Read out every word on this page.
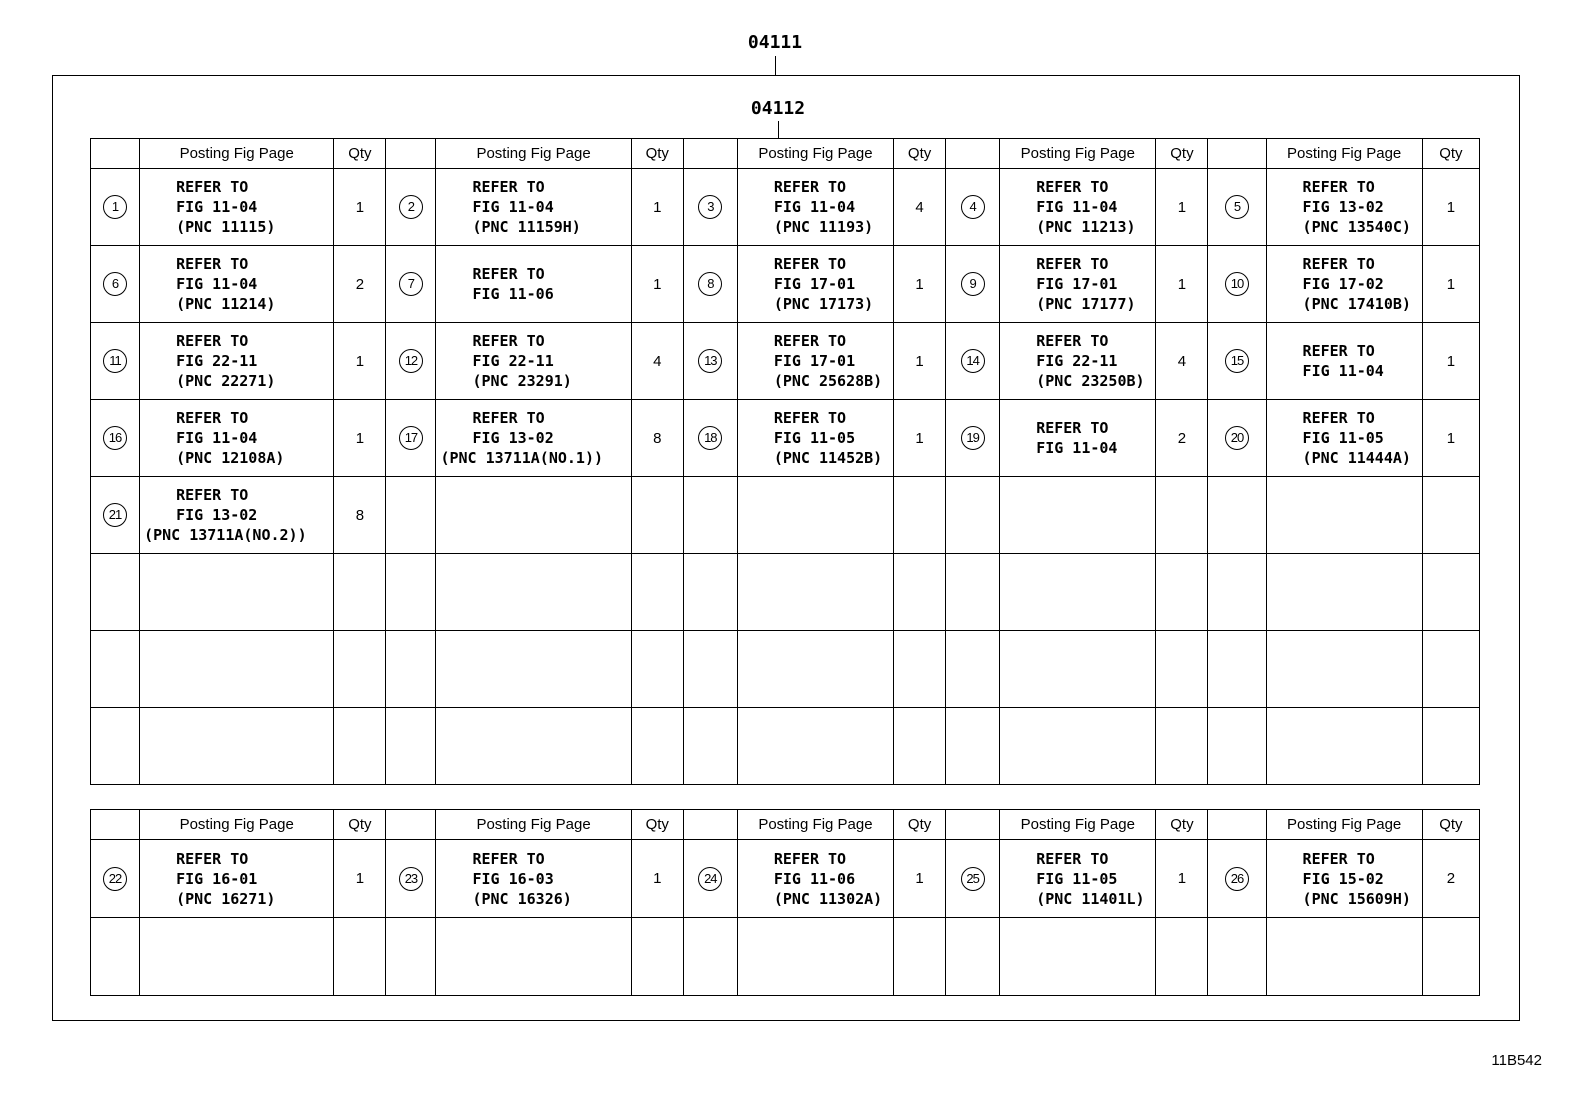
04111
04112
	Posting Fig Page	Qty		Posting Fig Page	Qty		Posting Fig Page	Qty		Posting Fig Page	Qty		Posting Fig Page	Qty
1	REFER TO
FIG 11-04
(PNC 11115)	1	2	REFER TO
FIG 11-04
(PNC 11159H)	1	3	REFER TO
FIG 11-04
(PNC 11193)	4	4	REFER TO
FIG 11-04
(PNC 11213)	1	5	REFER TO
FIG 13-02
(PNC 13540C)	1
6	REFER TO
FIG 11-04
(PNC 11214)	2	7	REFER TO
FIG 11-06	1	8	REFER TO
FIG 17-01
(PNC 17173)	1	9	REFER TO
FIG 17-01
(PNC 17177)	1	10	REFER TO
FIG 17-02
(PNC 17410B)	1
11	REFER TO
FIG 22-11
(PNC 22271)	1	12	REFER TO
FIG 22-11
(PNC 23291)	4	13	REFER TO
FIG 17-01
(PNC 25628B)	1	14	REFER TO
FIG 22-11
(PNC 23250B)	4	15	REFER TO
FIG 11-04	1
16	REFER TO
FIG 11-04
(PNC 12108A)	1	17	REFER TO
FIG 13-02
(PNC 13711A(NO.1))	8	18	REFER TO
FIG 11-05
(PNC 11452B)	1	19	REFER TO
FIG 11-04	2	20	REFER TO
FIG 11-05
(PNC 11444A)	1
21	REFER TO
FIG 13-02
(PNC 13711A(NO.2))	8												

	Posting Fig Page	Qty		Posting Fig Page	Qty		Posting Fig Page	Qty		Posting Fig Page	Qty		Posting Fig Page	Qty
22	REFER TO
FIG 16-01
(PNC 16271)	1	23	REFER TO
FIG 16-03
(PNC 16326)	1	24	REFER TO
FIG 11-06
(PNC 11302A)	1	25	REFER TO
FIG 11-05
(PNC 11401L)	1	26	REFER TO
FIG 15-02
(PNC 15609H)	2

11B542
